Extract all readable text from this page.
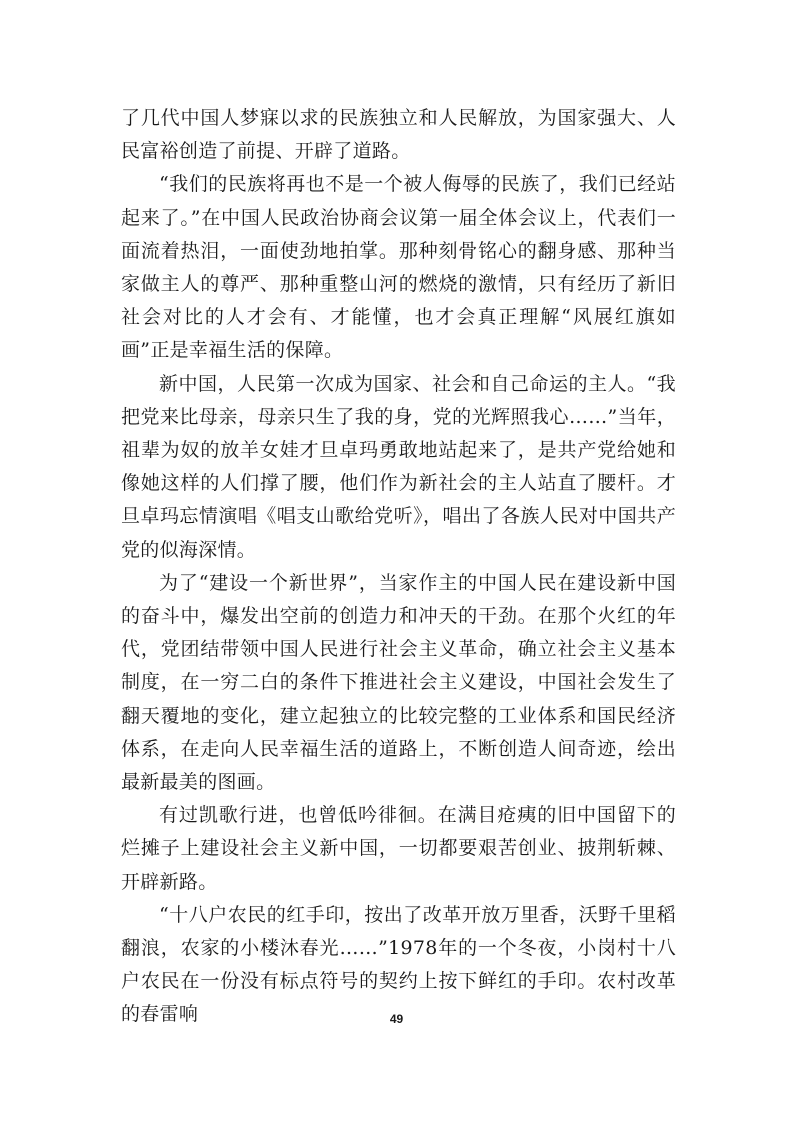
了几代中国人梦寐以求的民族独立和人民解放，为国家强大、人民富裕创造了前提、开辟了道路。

“我们的民族将再也不是一个被人侮辱的民族了，我们已经站起来了。”在中国人民政治协商会议第一届全体会议上，代表们一面流着热泪，一面使劲地拍掌。那种刻骨铭心的翻身感、那种当家做主人的尊严、那种重整山河的燃烧的激情，只有经历了新旧社会对比的人才会有、才能懂，也才会真正理解“风展红旗如画”正是幸福生活的保障。

新中国，人民第一次成为国家、社会和自己命运的主人。“我把党来比母亲，母亲只生了我的身，党的光辉照我心……”当年，祖辈为奴的放羊女娃才旦卓玛勇敢地站起来了，是共产党给她和像她这样的人们撑了腰，他们作为新社会的主人站直了腰杆。才旦卓玛忘情演唱《唱支山歌给党听》，唱出了各族人民对中国共产党的似海深情。

为了“建设一个新世界”，当家作主的中国人民在建设新中国的奋斗中，爆发出空前的创造力和冲天的干劲。在那个火红的年代，党团结带领中国人民进行社会主义革命，确立社会主义基本制度，在一穷二白的条件下推进社会主义建设，中国社会发生了翻天覆地的变化，建立起独立的比较完整的工业体系和国民经济体系，在走向人民幸福生活的道路上，不断创造人间奇迹，绘出最新最美的图画。

有过凯歌行进，也曾低吟徘徊。在满目疮痍的旧中国留下的烂摊子上建设社会主义新中国，一切都要艰苦创业、披荆斩棘、开辟新路。

“十八户农民的红手印，按出了改革开放万里香，沃野千里稻翻浪，农家的小楼沐春光……”1978年的一个冬夜，小岗村十八户农民在一份没有标点符号的契约上按下鲜红的手印。农村改革的春雷响	49
